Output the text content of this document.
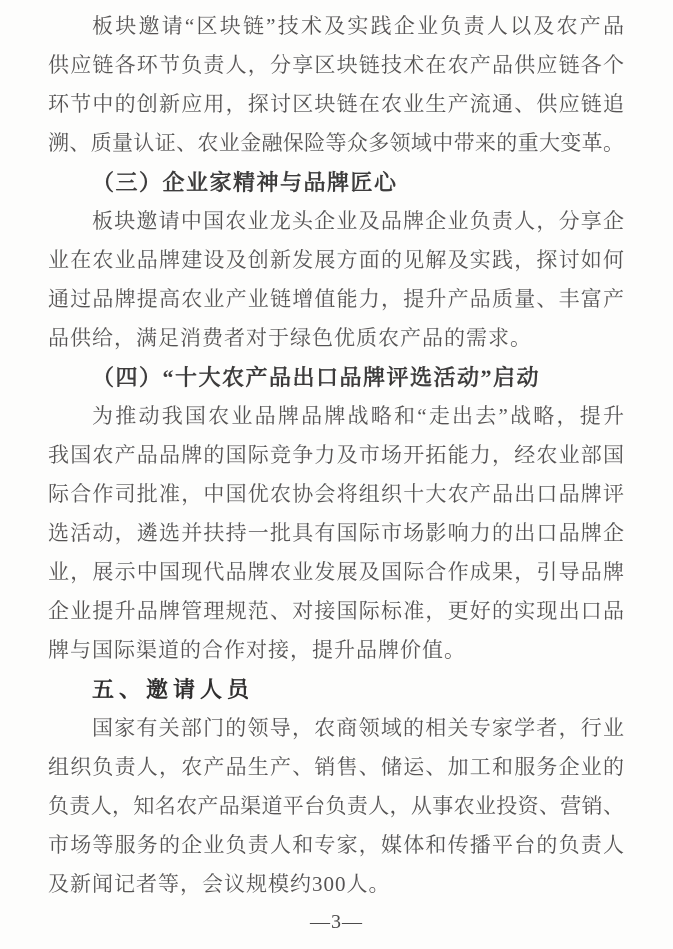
板块邀请“区块链”技术及实践企业负责人以及农产品

供应链各环节负责人，分享区块链技术在农产品供应链各个

环节中的创新应用，探讨区块链在农业生产流通、供应链追

溯、质量认证、农业金融保险等众多领域中带来的重大变革。

（三）企业家精神与品牌匠心

板块邀请中国农业龙头企业及品牌企业负责人，分享企

业在农业品牌建设及创新发展方面的见解及实践，探讨如何

通过品牌提高农业产业链增值能力，提升产品质量、丰富产

品供给，满足消费者对于绿色优质农产品的需求。

（四）“十大农产品出口品牌评选活动”启动

为推动我国农业品牌品牌战略和“走出去”战略，提升

我国农产品品牌的国际竞争力及市场开拓能力，经农业部国

际合作司批准，中国优农协会将组织十大农产品出口品牌评

选活动，遴选并扶持一批具有国际市场影响力的出口品牌企

业，展示中国现代品牌农业发展及国际合作成果，引导品牌

企业提升品牌管理规范、对接国际标准，更好的实现出口品

牌与国际渠道的合作对接，提升品牌价值。

五、邀请人员

国家有关部门的领导，农商领域的相关专家学者，行业

组织负责人，农产品生产、销售、储运、加工和服务企业的

负责人，知名农产品渠道平台负责人，从事农业投资、营销、

市场等服务的企业负责人和专家，媒体和传播平台的负责人

及新闻记者等，会议规模约300人。

—3—
